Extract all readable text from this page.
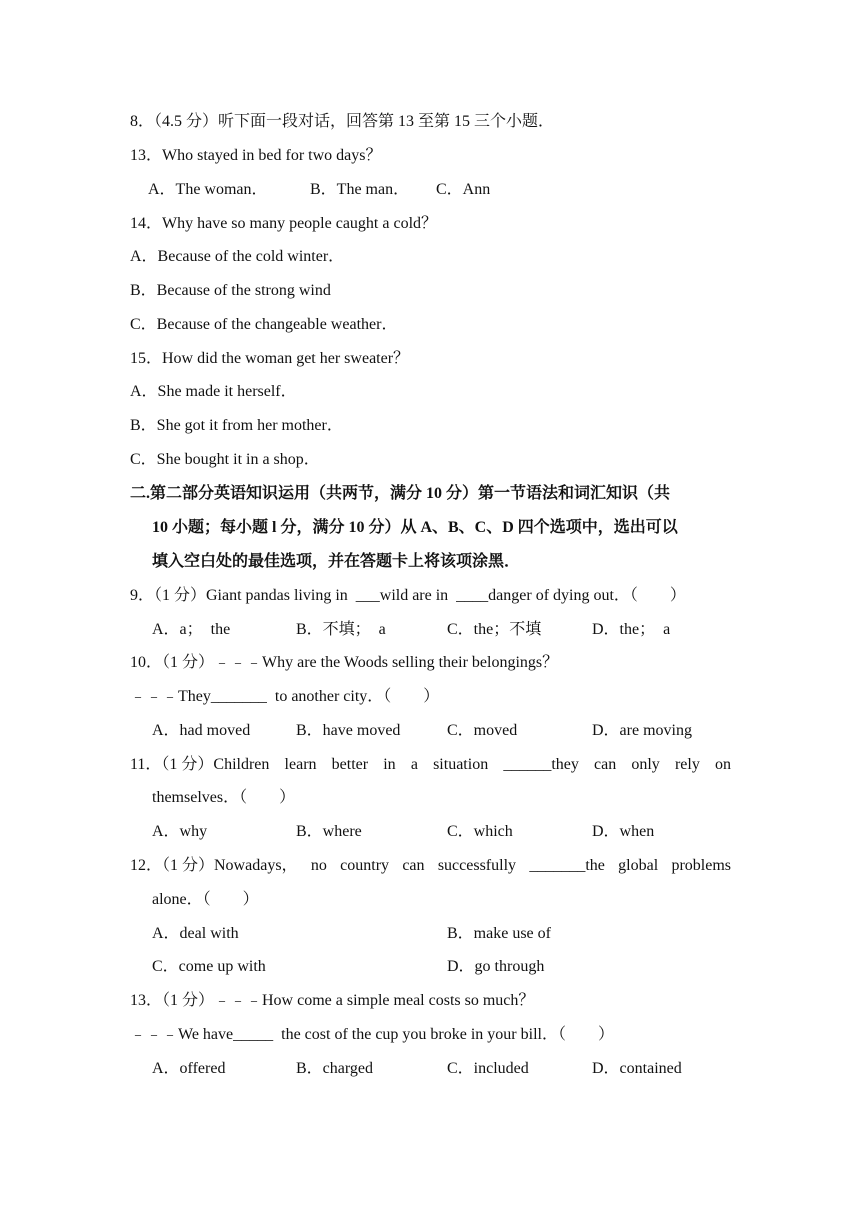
8．（4.5 分）听下面一段对话，回答第 13 至第 15 三个小题．
13．Who stayed in bed for two days？
A．The woman．	B．The man． C．Ann
14．Why have so many people caught a cold？
A．Because of the cold winter．
B．Because of the strong wind
C．Because of the changeable weather．
15．How did the woman get her sweater？
A．She made it herself．
B．She got it from her mother．
C．She bought it in a shop．
二.第二部分英语知识运用（共两节，满分 10 分）第一节语法和词汇知识（共
10 小题；每小题 l 分，满分 10 分）从 A、B、C、D 四个选项中，选出可以
填入空白处的最佳选项，并在答题卡上将该项涂黑．
9．（1 分）Giant pandas living in  ___wild are in  ____danger of dying out．（　　）
A．a；　the	B．不填；　a	C．the；不填	D．the；　a
10．（1 分）﹣﹣﹣Why are the Woods selling their belongings？
﹣﹣﹣They_______  to another city．（　　）
A．had moved	B．have moved	C．moved	D．are moving
11．（1 分）Children learn better in a situation ______they can only rely on
themselves．（　　）
A．why	B．where	C．which	D．when
12．（1 分）Nowadays， no country can successfully _______the global problems
alone．（　　）
A．deal with	B．make use of
C．come up with	D．go through
13．（1 分）﹣﹣﹣How come a simple meal costs so much？
﹣﹣﹣We have_____  the cost of the cup you broke in your bill．（　　）
A．offered	B．charged	C．included	D．contained
